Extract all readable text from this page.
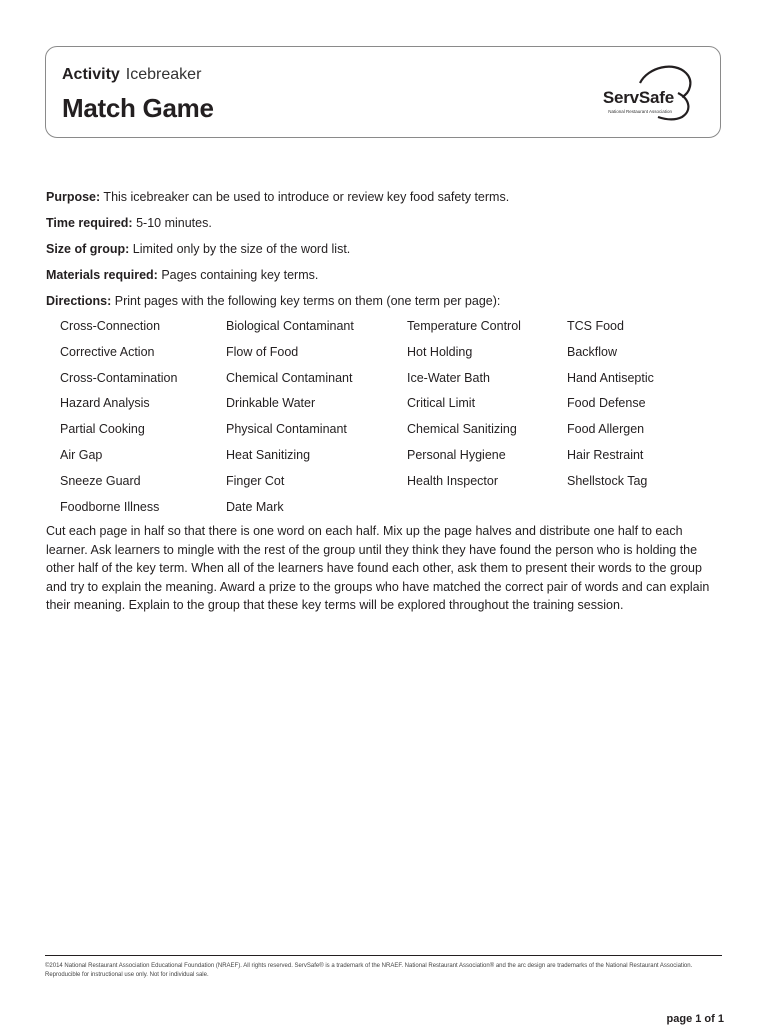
Activity Icebreaker
Match Game	ServSafe
National Restaurant Association
Purpose: This icebreaker can be used to introduce or review key food safety terms.
Time required: 5-10 minutes.
Size of group: Limited only by the size of the word list.
Materials required: Pages containing key terms.
Directions: Print pages with the following key terms on them (one term per page):
Cross-Connection	Biological Contaminant	Temperature Control	TCS Food
Corrective Action	Flow of Food	Hot Holding	Backflow
Cross-Contamination	Chemical Contaminant	Ice-Water Bath	Hand Antiseptic
Hazard Analysis	Drinkable Water	Critical Limit	Food Defense
Partial Cooking	Physical Contaminant	Chemical Sanitizing	Food Allergen
Air Gap	Heat Sanitizing	Personal Hygiene	Hair Restraint
Sneeze Guard	Finger Cot	Health Inspector	Shellstock Tag
Foodborne Illness	Date Mark
Cut each page in half so that there is one word on each half. Mix up the page halves and distribute one half to each learner. Ask learners to mingle with the rest of the group until they think they have found the person who is holding the other half of the key term. When all of the learners have found each other, ask them to present their words to the group and try to explain the meaning. Award a prize to the groups who have matched the correct pair of words and can explain their meaning. Explain to the group that these key terms will be explored throughout the training session.
©2014 National Restaurant Association Educational Foundation (NRAEF). All rights reserved. ServSafe® is a trademark of the NRAEF. National Restaurant Association® and the arc design are trademarks of the National Restaurant Association. Reproducible for instructional use only. Not for individual sale.
page 1 of 1
